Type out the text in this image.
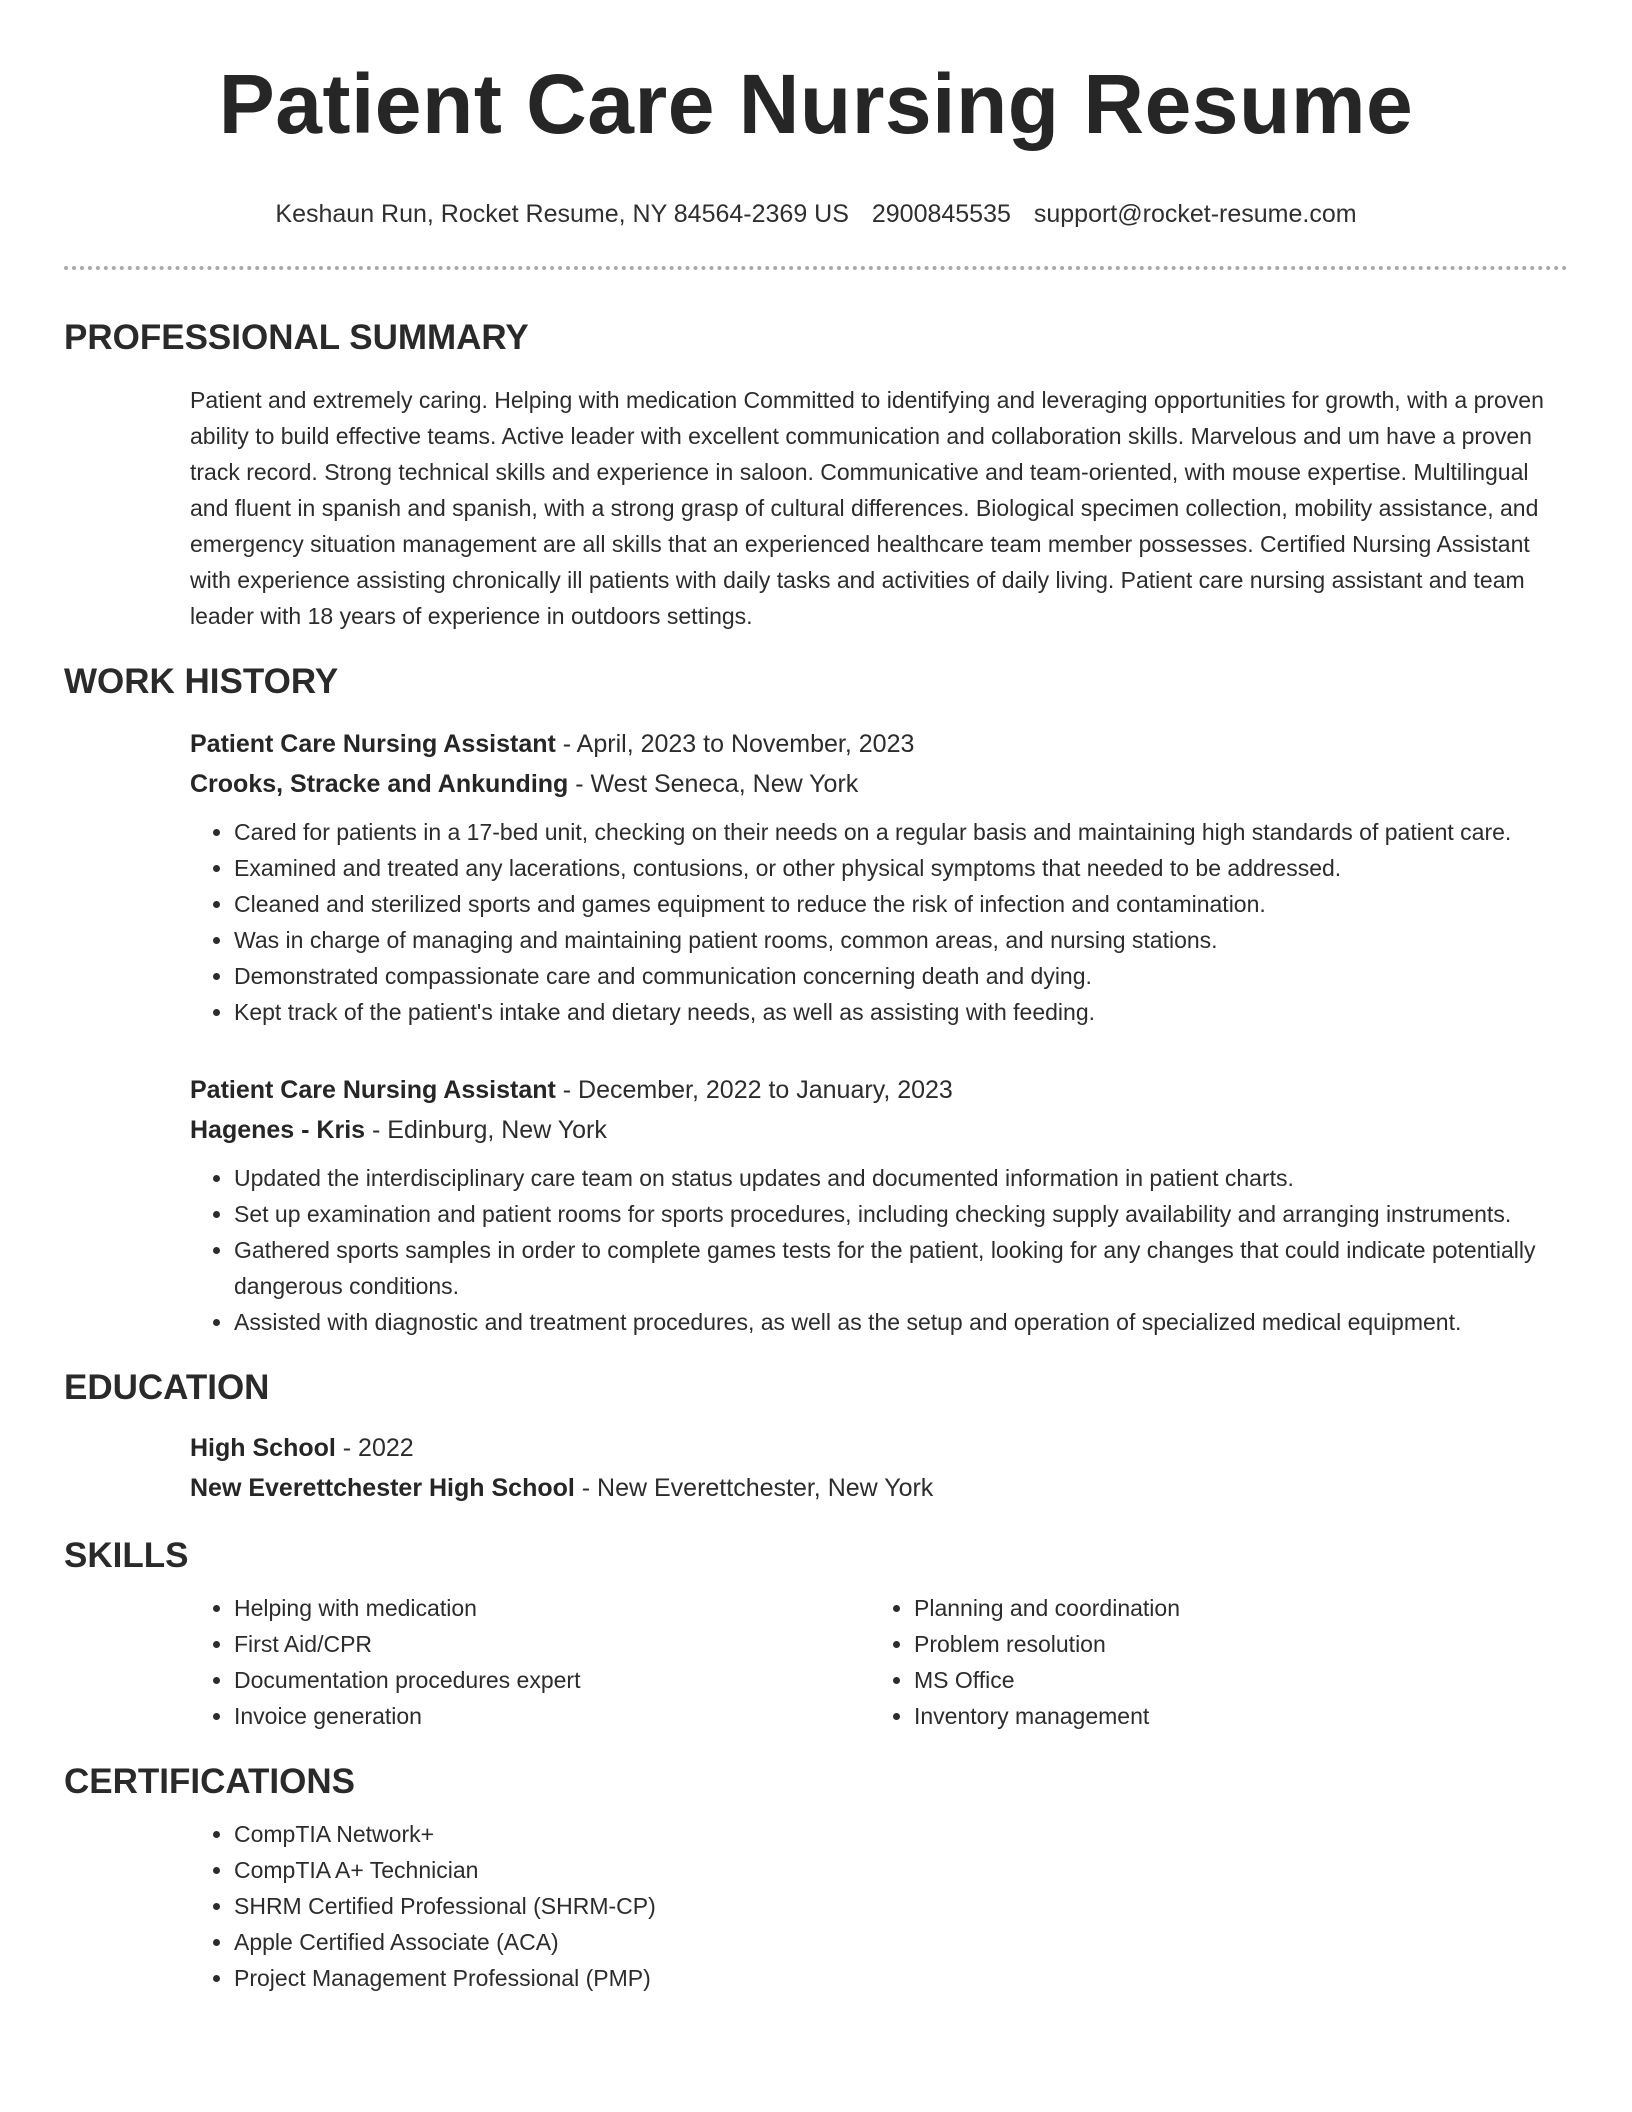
Patient Care Nursing Resume
Keshaun Run, Rocket Resume, NY 84564-2369 US 2900845535 support@rocket-resume.com
PROFESSIONAL SUMMARY
Patient and extremely caring. Helping with medication Committed to identifying and leveraging opportunities for growth, with a proven ability to build effective teams. Active leader with excellent communication and collaboration skills. Marvelous and um have a proven track record. Strong technical skills and experience in saloon. Communicative and team-oriented, with mouse expertise. Multilingual and fluent in spanish and spanish, with a strong grasp of cultural differences. Biological specimen collection, mobility assistance, and emergency situation management are all skills that an experienced healthcare team member possesses. Certified Nursing Assistant with experience assisting chronically ill patients with daily tasks and activities of daily living. Patient care nursing assistant and team leader with 18 years of experience in outdoors settings.
WORK HISTORY
Patient Care Nursing Assistant - April, 2023 to November, 2023
Crooks, Stracke and Ankunding - West Seneca, New York
• Cared for patients in a 17-bed unit, checking on their needs on a regular basis and maintaining high standards of patient care.
• Examined and treated any lacerations, contusions, or other physical symptoms that needed to be addressed.
• Cleaned and sterilized sports and games equipment to reduce the risk of infection and contamination.
• Was in charge of managing and maintaining patient rooms, common areas, and nursing stations.
• Demonstrated compassionate care and communication concerning death and dying.
• Kept track of the patient's intake and dietary needs, as well as assisting with feeding.
Patient Care Nursing Assistant - December, 2022 to January, 2023
Hagenes - Kris - Edinburg, New York
• Updated the interdisciplinary care team on status updates and documented information in patient charts.
• Set up examination and patient rooms for sports procedures, including checking supply availability and arranging instruments.
• Gathered sports samples in order to complete games tests for the patient, looking for any changes that could indicate potentially dangerous conditions.
• Assisted with diagnostic and treatment procedures, as well as the setup and operation of specialized medical equipment.
EDUCATION
High School - 2022
New Everettchester High School - New Everettchester, New York
SKILLS
• Helping with medication
• First Aid/CPR
• Documentation procedures expert
• Invoice generation
• Planning and coordination
• Problem resolution
• MS Office
• Inventory management
CERTIFICATIONS
• CompTIA Network+
• CompTIA A+ Technician
• SHRM Certified Professional (SHRM-CP)
• Apple Certified Associate (ACA)
• Project Management Professional (PMP)
